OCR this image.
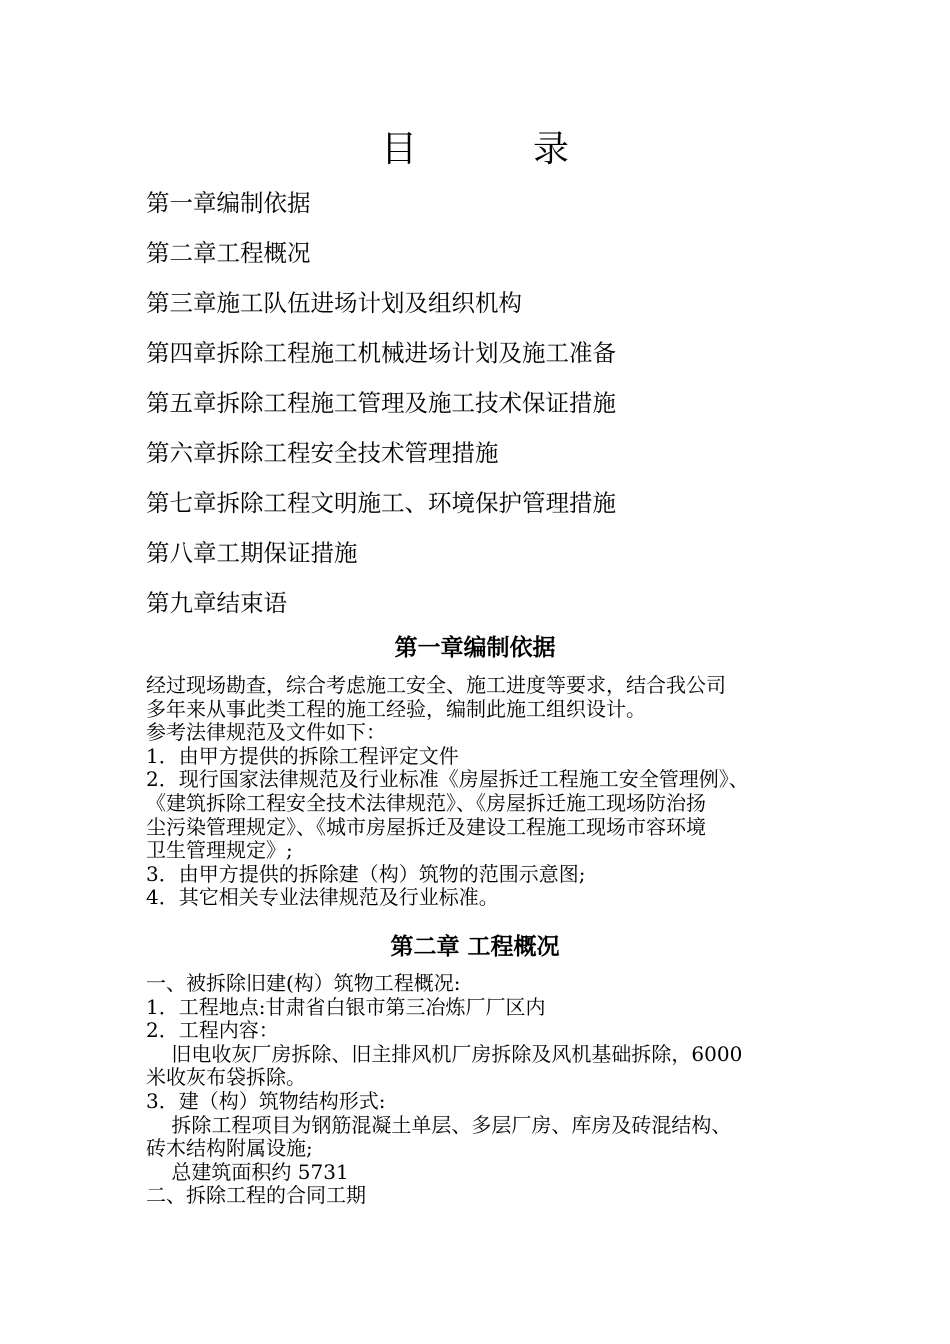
目　录
第一章编制依据
第二章工程概况
第三章施工队伍进场计划及组织机构
第四章拆除工程施工机械进场计划及施工准备
第五章拆除工程施工管理及施工技术保证措施
第六章拆除工程安全技术管理措施
第七章拆除工程文明施工、环境保护管理措施
第八章工期保证措施
第九章结束语
第一章编制依据
经过现场勘查，综合考虑施工安全、施工进度等要求，结合我公司
多年来从事此类工程的施工经验，编制此施工组织设计。
参考法律规范及文件如下：
1．由甲方提供的拆除工程评定文件
2．现行国家法律规范及行业标准《房屋拆迁工程施工安全管理例》、
《建筑拆除工程安全技术法律规范》、《房屋拆迁施工现场防治扬
尘污染管理规定》、《城市房屋拆迁及建设工程施工现场市容环境
卫生管理规定》;
3．由甲方提供的拆除建（构）筑物的范围示意图;
4．其它相关专业法律规范及行业标准。
第二章 工程概况
一、被拆除旧建(构）筑物工程概况:
1．工程地点:甘肃省白银市第三冶炼厂厂区内
2．工程内容：
旧电收灰厂房拆除、旧主排风机厂房拆除及风机基础拆除，6000
米收灰布袋拆除。
3．建（构）筑物结构形式:
拆除工程项目为钢筋混凝土单层、多层厂房、库房及砖混结构、
砖木结构附属设施;
总建筑面积约 5731
二、拆除工程的合同工期
